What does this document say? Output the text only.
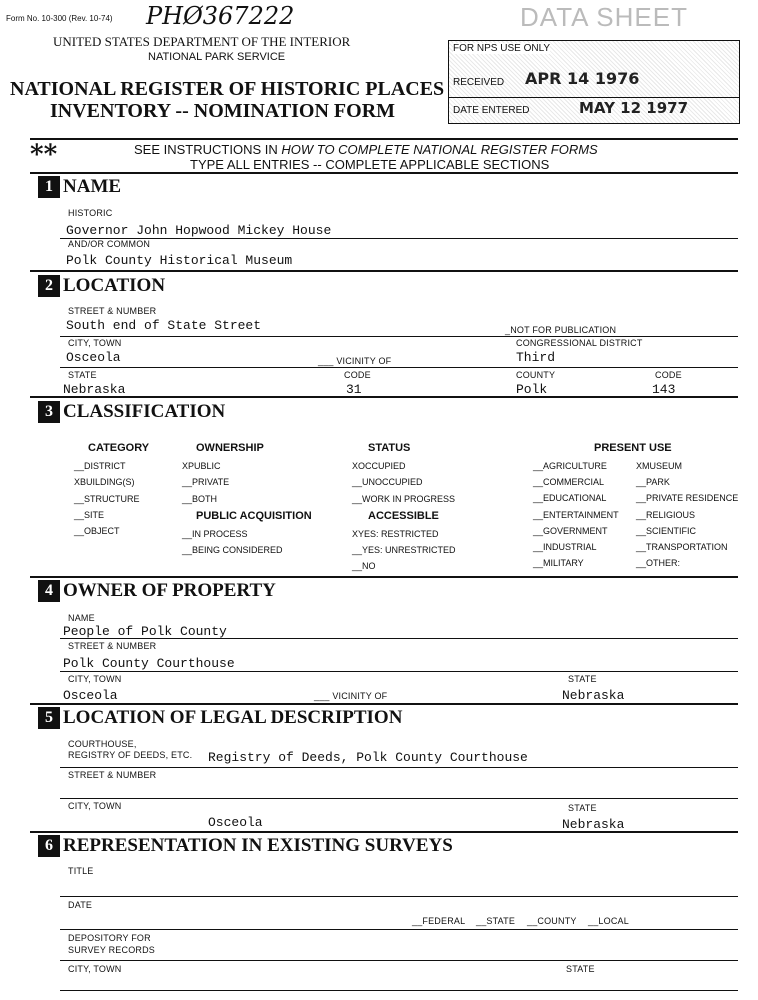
Form No. 10-300 (Rev. 10-74) PHØ367222	DATA SHEET
UNITED STATES DEPARTMENT OF THE INTERIOR
NATIONAL PARK SERVICE
NATIONAL REGISTER OF HISTORIC PLACES
INVENTORY -- NOMINATION FORM
FOR NPS USE ONLY
RECEIVED APR 14 1976
DATE ENTERED	MAY 12 1977
**	SEE INSTRUCTIONS IN HOW TO COMPLETE NATIONAL REGISTER FORMS
TYPE ALL ENTRIES -- COMPLETE APPLICABLE SECTIONS
1 NAME
HISTORIC
Governor John Hopwood Mickey House
AND/OR COMMON
Polk County Historical Museum
2 LOCATION
STREET & NUMBER
South end of State Street	_NOT FOR PUBLICATION
CITY, TOWN	CONGRESSIONAL DISTRICT
Osceola	___ VICINITY OF	Third
STATE	CODE	COUNTY	CODE
Nebraska	31	Polk	143
3 CLASSIFICATION
CATEGORY
__DISTRICT
XBUILDING(S)
__STRUCTURE
__SITE
__OBJECT
OWNERSHIP
XPUBLIC
__PRIVATE
__BOTH
PUBLIC ACQUISITION
__IN PROCESS
__BEING CONSIDERED
STATUS
XOCCUPIED
__UNOCCUPIED
__WORK IN PROGRESS
ACCESSIBLE
XYES: RESTRICTED
__YES: UNRESTRICTED
__NO
PRESENT USE
__AGRICULTURE
__COMMERCIAL
__EDUCATIONAL
__ENTERTAINMENT
__GOVERNMENT
__INDUSTRIAL
__MILITARY
XMUSEUM
__PARK
__PRIVATE RESIDENCE
__RELIGIOUS
__SCIENTIFIC
__TRANSPORTATION
__OTHER:
4 OWNER OF PROPERTY
NAME
People of Polk County
STREET & NUMBER
Polk County Courthouse
CITY, TOWN	STATE
Osceola	___ VICINITY OF	Nebraska
5 LOCATION OF LEGAL DESCRIPTION
COURTHOUSE,
REGISTRY OF DEEDS, ETC. Registry of Deeds, Polk County Courthouse
STREET & NUMBER
CITY, TOWN	STATE
Osceola	Nebraska
6 REPRESENTATION IN EXISTING SURVEYS
TITLE
DATE
__FEDERAL __STATE __COUNTY __LOCAL
DEPOSITORY FOR
SURVEY RECORDS
CITY, TOWN	STATE
